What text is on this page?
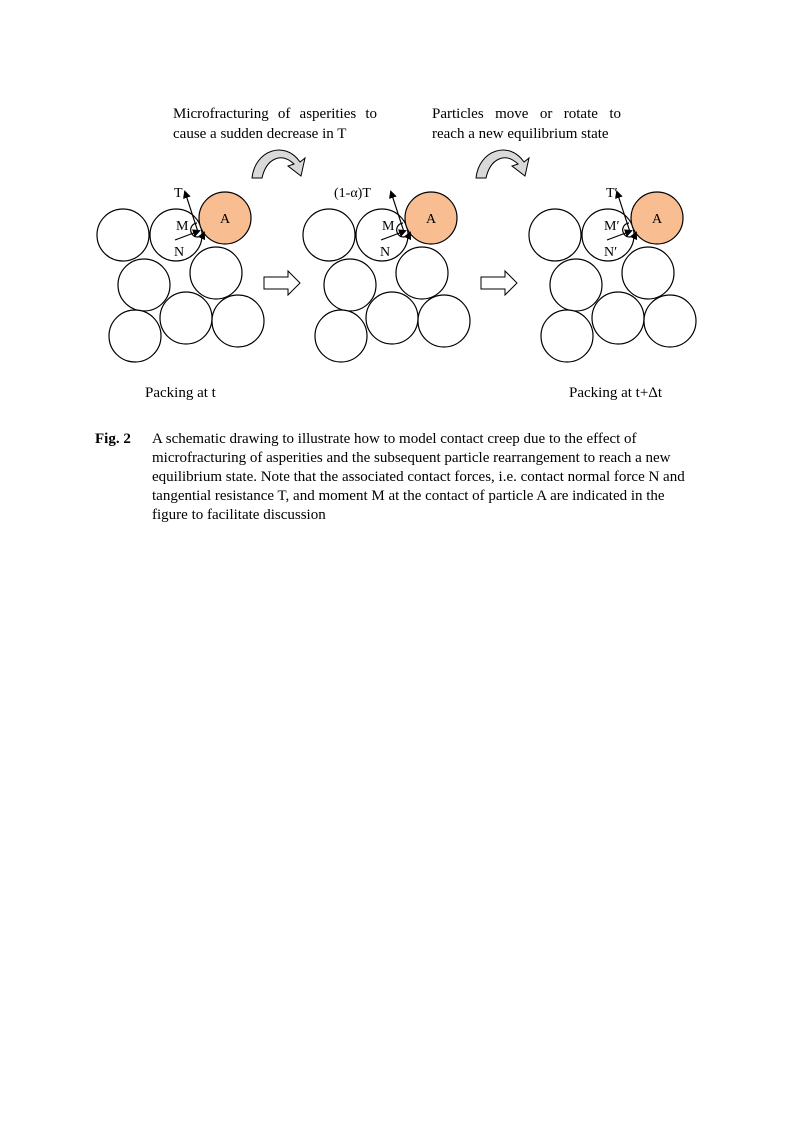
A
T
M
N
A
(1-α)T
M
N
A
T′
M′
N′
Microfracturing of asperities to
cause a sudden decrease in T
Particles move or rotate to
reach a new equilibrium state
Packing at t	Packing at t+Δt
Fig. 2 A schematic drawing to illustrate how to model contact creep due to the effect of microfracturing of asperities and the subsequent particle rearrangement to reach a new equilibrium state. Note that the associated contact forces, i.e. contact normal force N and tangential resistance T, and moment M at the contact of particle A are indicated in the figure to facilitate discussion
